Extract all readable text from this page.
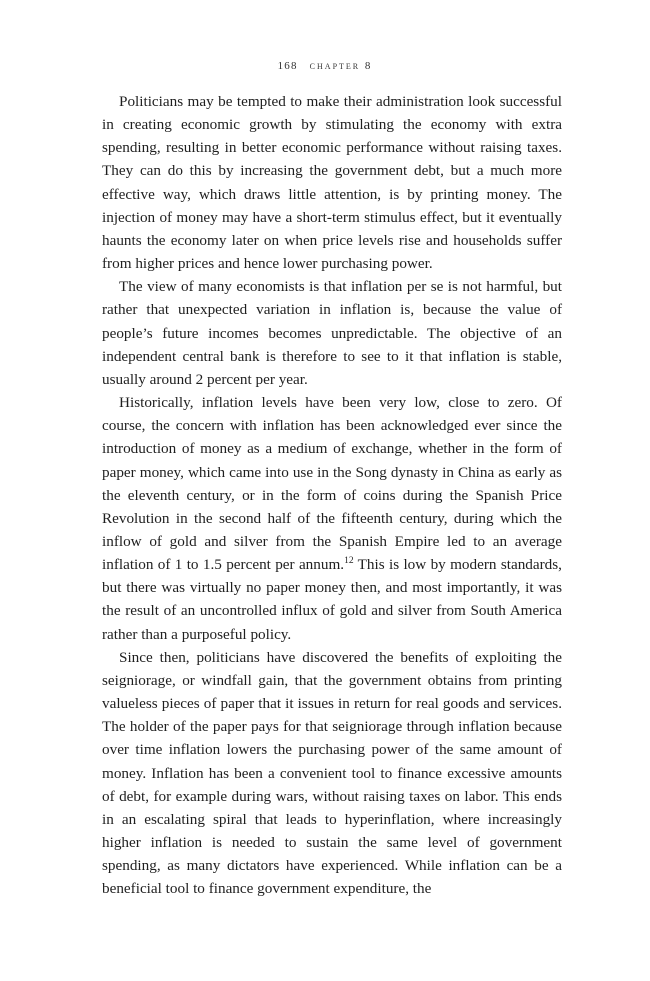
168 chapter 8

Politicians may be tempted to make their administration look successful in creating economic growth by stimulating the economy with extra spending, resulting in better economic performance without raising taxes. They can do this by increasing the government debt, but a much more effective way, which draws little attention, is by printing money. The injection of money may have a short-term stimulus effect, but it eventually haunts the economy later on when price levels rise and households suffer from higher prices and hence lower purchasing power.

The view of many economists is that inflation per se is not harmful, but rather that unexpected variation in inflation is, because the value of people’s future incomes becomes unpredictable. The objective of an independent central bank is therefore to see to it that inflation is stable, usually around 2 percent per year.

Historically, inflation levels have been very low, close to zero. Of course, the concern with inflation has been acknowledged ever since the introduction of money as a medium of exchange, whether in the form of paper money, which came into use in the Song dynasty in China as early as the eleventh century, or in the form of coins during the Spanish Price Revolution in the second half of the fifteenth century, during which the inflow of gold and silver from the Spanish Empire led to an average inflation of 1 to 1.5 percent per annum.$^{12}$ This is low by modern standards, but there was virtually no paper money then, and most importantly, it was the result of an uncontrolled influx of gold and silver from South America rather than a purposeful policy.

Since then, politicians have discovered the benefits of exploiting the seigniorage, or windfall gain, that the government obtains from printing valueless pieces of paper that it issues in return for real goods and services. The holder of the paper pays for that seigniorage through inflation because over time inflation lowers the purchasing power of the same amount of money. Inflation has been a convenient tool to finance excessive amounts of debt, for example during wars, without raising taxes on labor. This ends in an escalating spiral that leads to hyperinflation, where increasingly higher inflation is needed to sustain the same level of government spending, as many dictators have experienced. While inflation can be a beneficial tool to finance government expenditure, the
